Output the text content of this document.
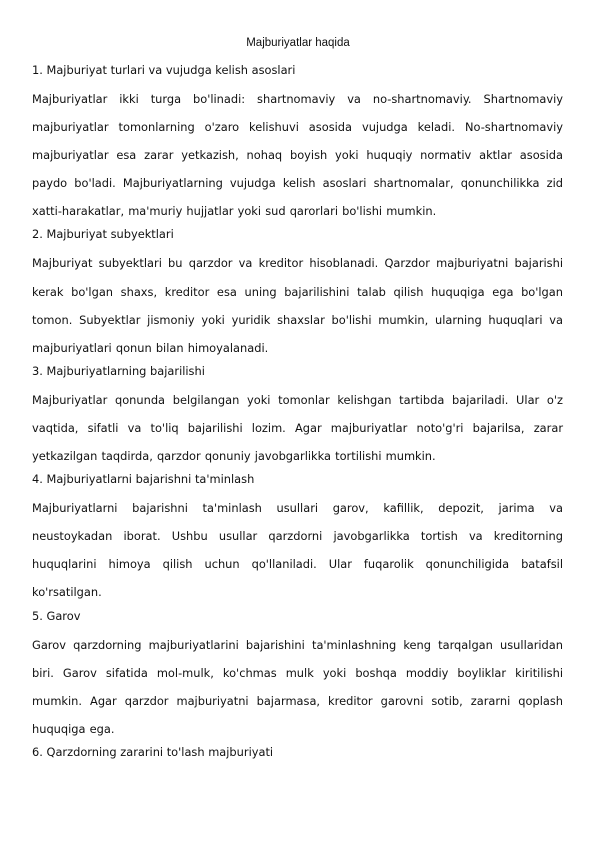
Majburiyatlar haqida
1. Majburiyat turlari va vujudga kelish asoslari
Majburiyatlar ikki turga bo'linadi: shartnomaviy va no-shartnomaviy. Shartnomaviy majburiyatlar tomonlarning o'zaro kelishuvi asosida vujudga keladi. No-shartnomaviy majburiyatlar esa zarar yetkazish, nohaq boyish yoki huquqiy normativ aktlar asosida paydo bo'ladi. Majburiyatlarning vujudga kelish asoslari shartnomalar, qonunchilikka zid xatti-harakatlar, ma'muriy hujjatlar yoki sud qarorlari bo'lishi mumkin.
2. Majburiyat subyektlari
Majburiyat subyektlari bu qarzdor va kreditor hisoblanadi. Qarzdor majburiyatni bajarishi kerak bo'lgan shaxs, kreditor esa uning bajarilishini talab qilish huquqiga ega bo'lgan tomon. Subyektlar jismoniy yoki yuridik shaxslar bo'lishi mumkin, ularning huquqlari va majburiyatlari qonun bilan himoyalanadi.
3. Majburiyatlarning bajarilishi
Majburiyatlar qonunda belgilangan yoki tomonlar kelishgan tartibda bajariladi. Ular o'z vaqtida, sifatli va to'liq bajarilishi lozim. Agar majburiyatlar noto'g'ri bajarilsa, zarar yetkazilgan taqdirda, qarzdor qonuniy javobgarlikka tortilishi mumkin.
4. Majburiyatlarni bajarishni ta'minlash
Majburiyatlarni bajarishni ta'minlash usullari garov, kafillik, depozit, jarima va neustoykadan iborat. Ushbu usullar qarzdorni javobgarlikka tortish va kreditorning huquqlarini himoya qilish uchun qo'llaniladi. Ular fuqarolik qonunchiligida batafsil ko'rsatilgan.
5. Garov
Garov qarzdorning majburiyatlarini bajarishini ta'minlashning keng tarqalgan usullaridan biri. Garov sifatida mol-mulk, ko'chmas mulk yoki boshqa moddiy boyliklar kiritilishi mumkin. Agar qarzdor majburiyatni bajarmasa, kreditor garovni sotib, zararni qoplash huquqiga ega.
6. Qarzdorning zararini to'lash majburiyati
